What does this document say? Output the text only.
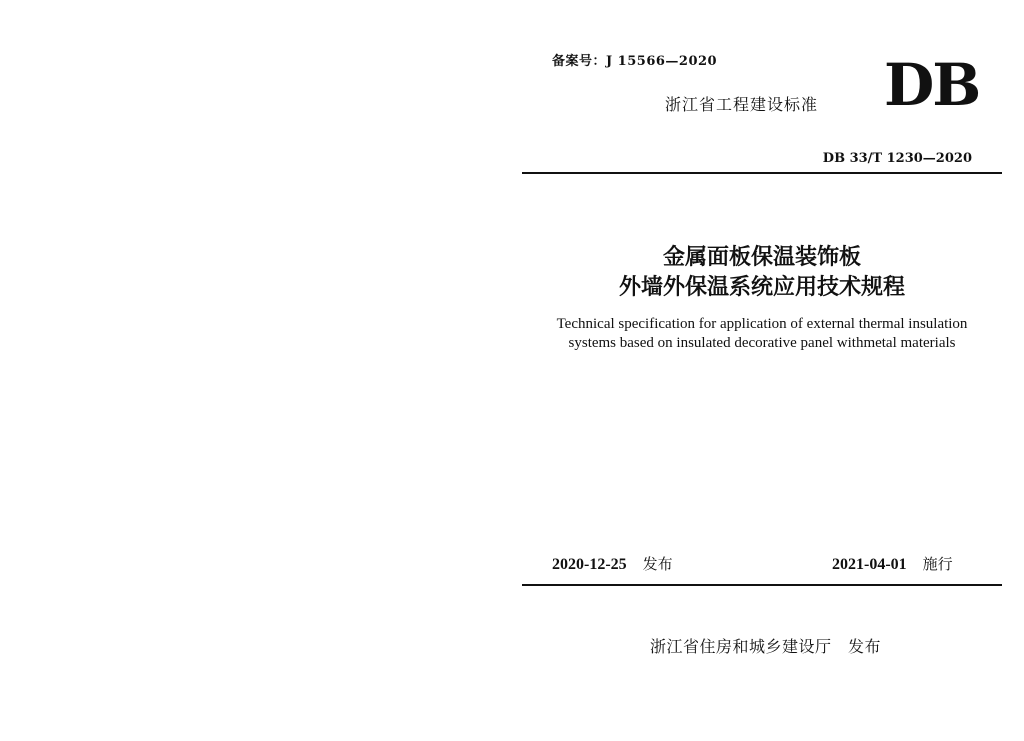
备案号：J 15566—2020
浙江省工程建设标准 DB
DB 33/T 1230—2020
金属面板保温装饰板
外墙外保温系统应用技术规程
Technical specification for application of external thermal insulation
systems based on insulated decorative panel withmetal materials
2020-12-25 发布	2021-04-01 施行
浙江省住房和城乡建设厅　发布
